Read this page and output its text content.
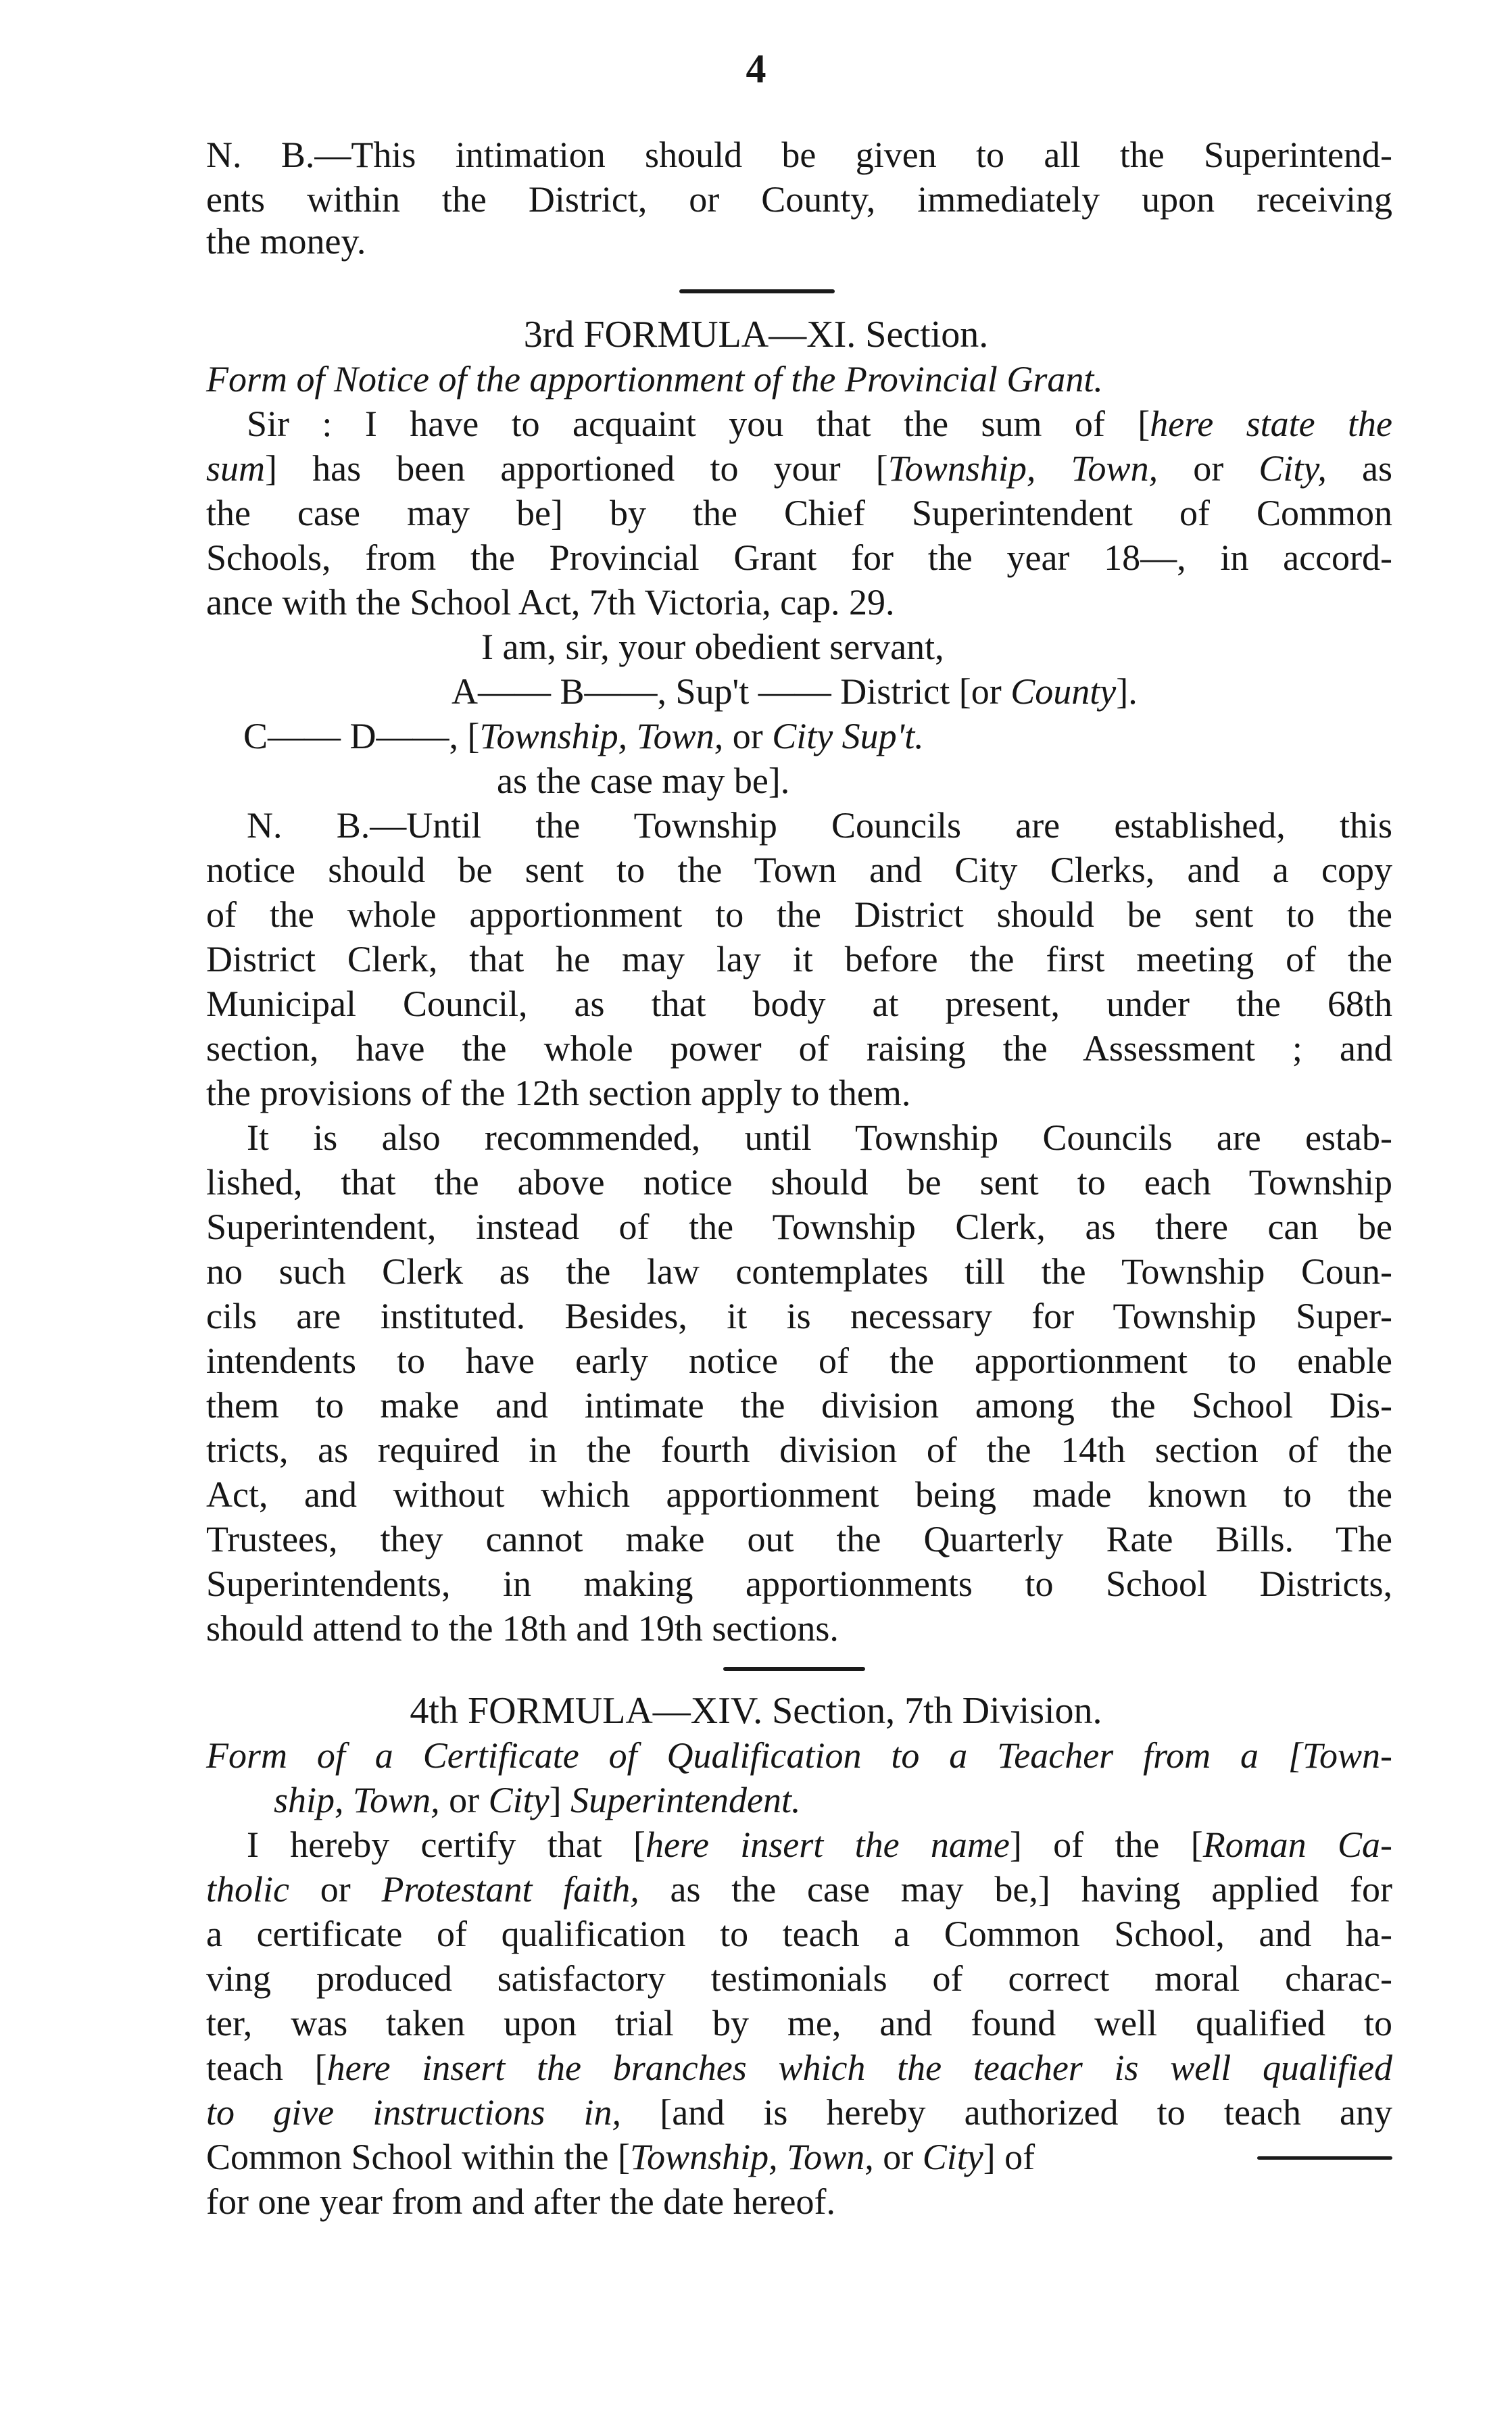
4
N. B.—This intimation should be given to all the Superintend-
ents within the District, or County, immediately upon receiving
the money.
3rd FORMULA—XI. Section.
Form of Notice of the apportionment of the Provincial Grant.
Sir : I have to acquaint you that the sum of [here state the
sum] has been apportioned to your [Township, Town, or City, as
the case may be] by the Chief Superintendent of Common
Schools, from the Provincial Grant for the year 18—, in accord-
ance with the School Act, 7th Victoria, cap. 29.
I am, sir, your obedient servant,
A—— B——, Sup't —— District [or County].
C—— D——, [Township, Town, or City Sup't.
as the case may be].
N. B.—Until the Township Councils are established, this
notice should be sent to the Town and City Clerks, and a copy
of the whole apportionment to the District should be sent to the
District Clerk, that he may lay it before the first meeting of the
Municipal Council, as that body at present, under the 68th
section, have the whole power of raising the Assessment ; and
the provisions of the 12th section apply to them.
It is also recommended, until Township Councils are estab-
lished, that the above notice should be sent to each Township
Superintendent, instead of the Township Clerk, as there can be
no such Clerk as the law contemplates till the Township Coun-
cils are instituted. Besides, it is necessary for Township Super-
intendents to have early notice of the apportionment to enable
them to make and intimate the division among the School Dis-
tricts, as required in the fourth division of the 14th section of the
Act, and without which apportionment being made known to the
Trustees, they cannot make out the Quarterly Rate Bills. The
Superintendents, in making apportionments to School Districts,
should attend to the 18th and 19th sections.
4th FORMULA—XIV. Section, 7th Division.
Form of a Certificate of Qualification to a Teacher from a [Town-
ship, Town, or City] Superintendent.
I hereby certify that [here insert the name] of the [Roman Ca-
tholic or Protestant faith, as the case may be,] having applied for
a certificate of qualification to teach a Common School, and ha-
ving produced satisfactory testimonials of correct moral charac-
ter, was taken upon trial by me, and found well qualified to
teach [here insert the branches which the teacher is well qualified
to give instructions in, [and is hereby authorized to teach any
Common School within the [Township, Town, or City] of
for one year from and after the date hereof.
